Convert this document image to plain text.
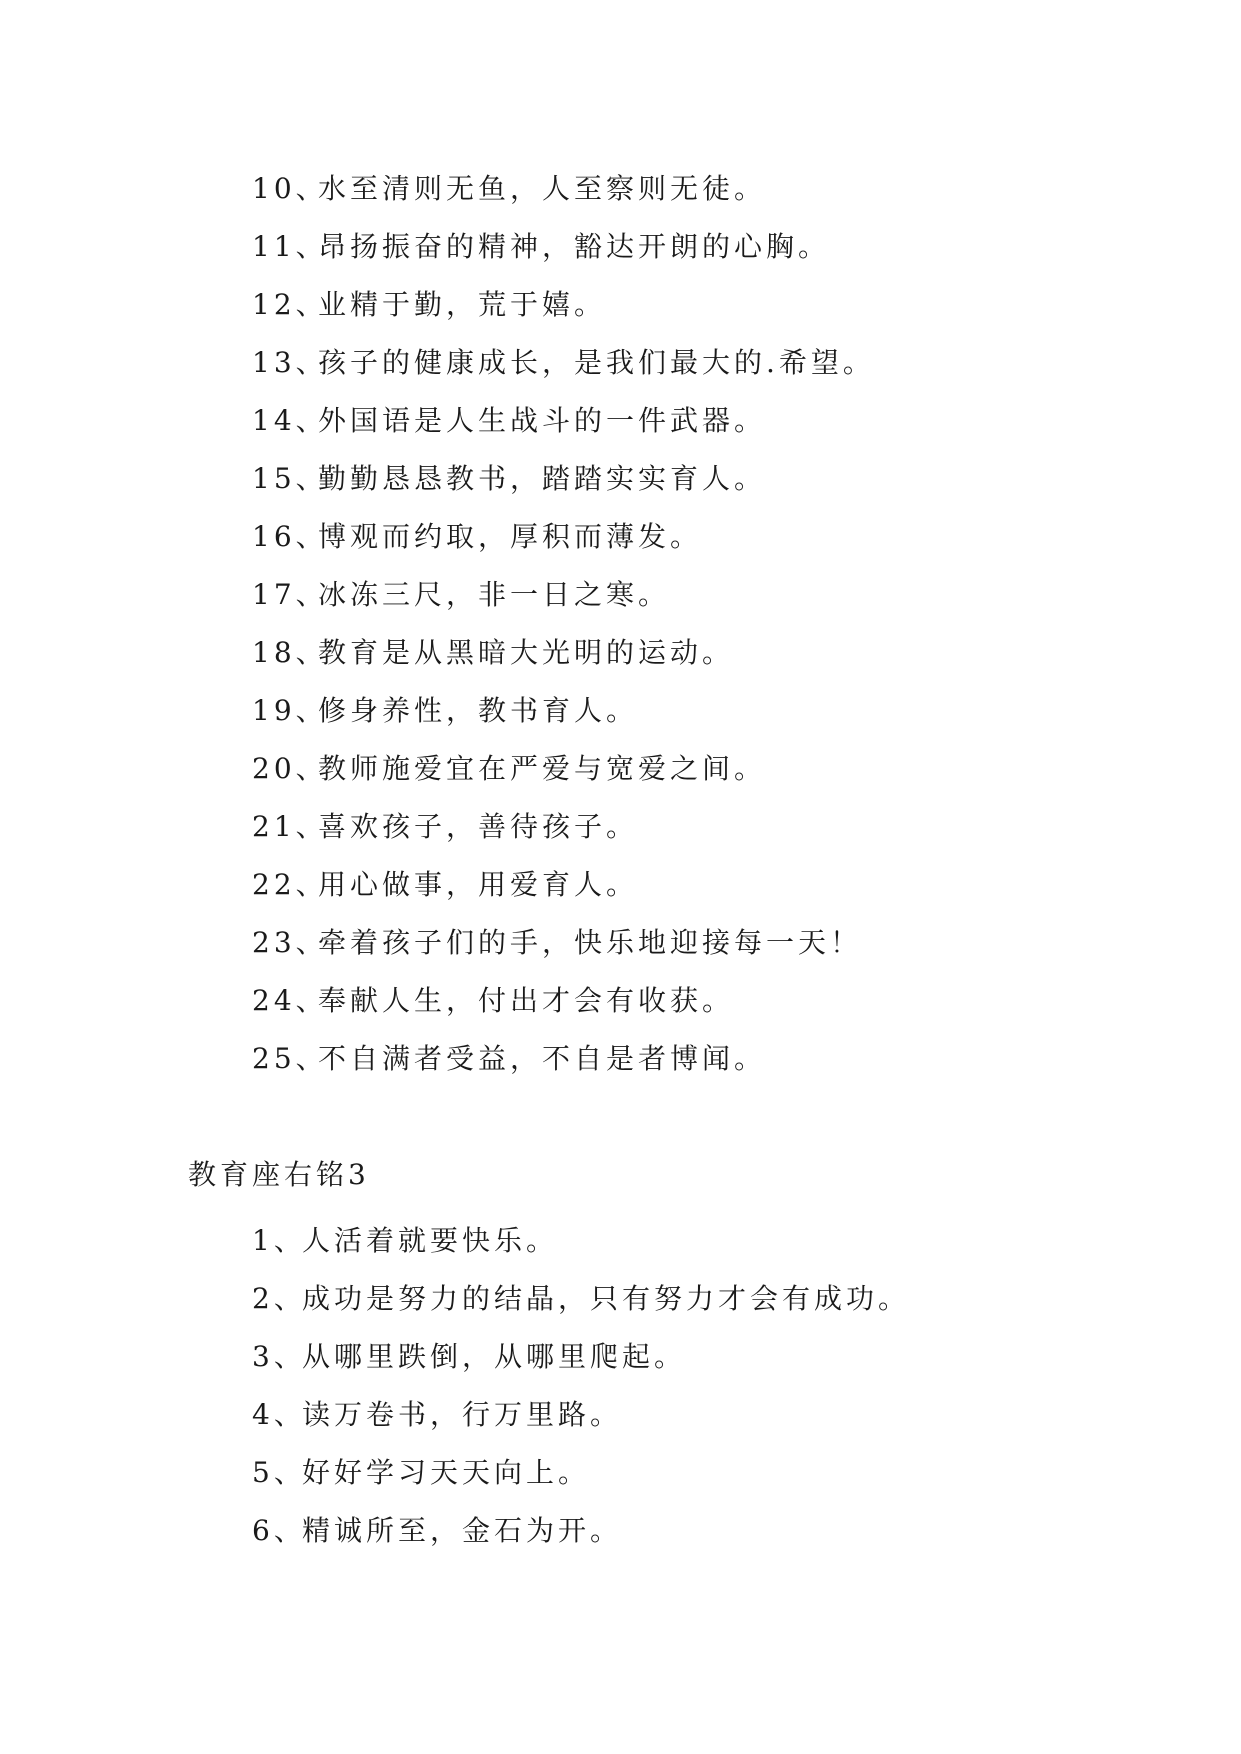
10、
水至清则无鱼，人至察则无徒。
11、
昂扬振奋的精神，豁达开朗的心胸。
12、
业精于勤，荒于嬉。
13、
孩子的健康成长，是我们最大的.希望。
14、
外国语是人生战斗的一件武器。
15、
勤勤恳恳教书，踏踏实实育人。
16、
博观而约取，厚积而薄发。
17、
冰冻三尺，非一日之寒。
18、
教育是从黑暗大光明的运动。
19、
修身养性，教书育人。
20、
教师施爱宜在严爱与宽爱之间。
21、
喜欢孩子，善待孩子。
22、
用心做事，用爱育人。
23、
牵着孩子们的手，快乐地迎接每一天！
24、
奉献人生，付出才会有收获。
25、
不自满者受益，不自是者博闻。
教育座右铭3
1、
人活着就要快乐。
2、
成功是努力的结晶，只有努力才会有成功。
3、
从哪里跌倒，从哪里爬起。
4、
读万卷书，行万里路。
5、
好好学习天天向上。
6、
精诚所至，金石为开。
